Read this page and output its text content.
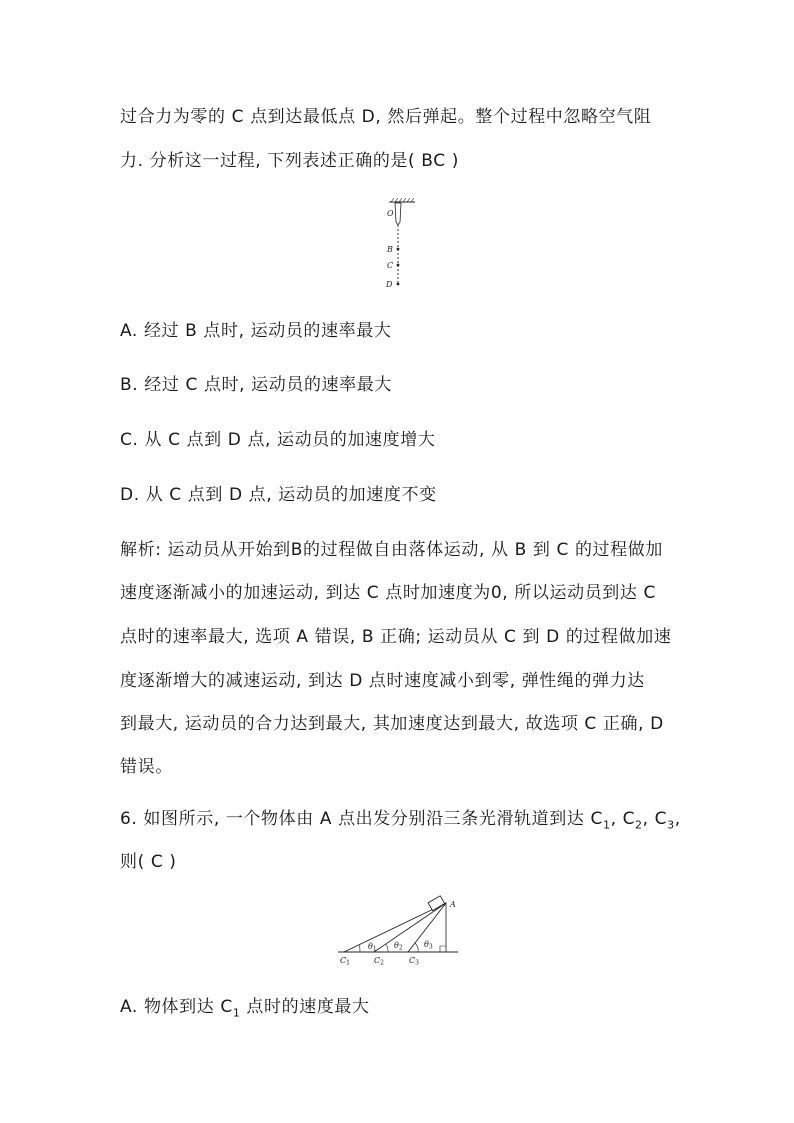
过合力为零的 C 点到达最低点 D, 然后弹起。整个过程中忽略空气阻
力. 分析这一过程, 下列表述正确的是( BC )
O
B
C
D
A. 经过 B 点时, 运动员的速率最大
B. 经过 C 点时, 运动员的速率最大
C. 从 C 点到 D 点, 运动员的加速度增大
D. 从 C 点到 D 点, 运动员的加速度不变
解析: 运动员从开始到B的过程做自由落体运动, 从 B 到 C 的过程做加
速度逐渐减小的加速运动, 到达 C 点时加速度为0, 所以运动员到达 C
点时的速率最大, 选项 A 错误, B 正确; 运动员从 C 到 D 的过程做加速
度逐渐增大的减速运动, 到达 D 点时速度减小到零, 弹性绳的弹力达
到最大, 运动员的合力达到最大, 其加速度达到最大, 故选项 C 正确, D
错误。
6. 如图所示, 一个物体由 A 点出发分别沿三条光滑轨道到达 $C_1$, $C_2$, $C_3$,
则( C )
A
θ1 θ2	θ3
C1	C2	C3
A. 物体到达 $C_1$ 点时的速度最大
